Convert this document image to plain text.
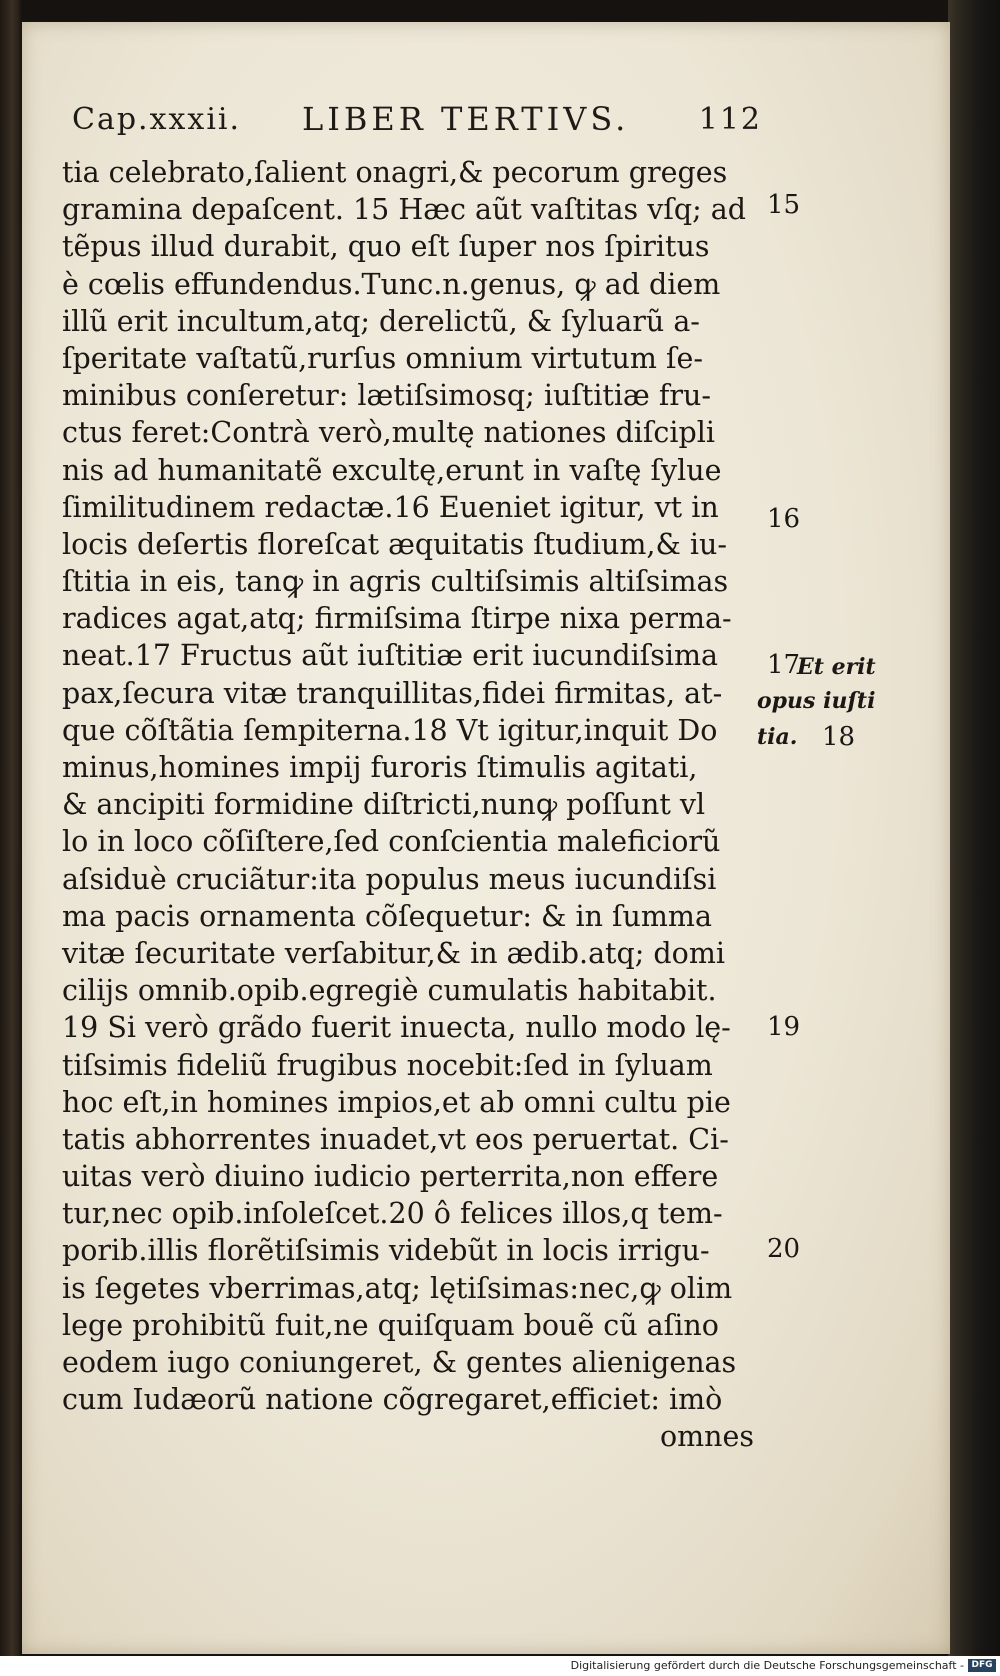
Cap.xxxii. LIBER TERTIVS. 112
tia celebrato,ſalient onagri,& pecorum greges
gramina depaſcent. 15 Hæc aũt vaſtitas vſq; ad
tẽpus illud durabit, quo eſt ſuper nos ſpiritus
è cœlis effundendus.Tunc.n.genus, ꝙ ad diem
illũ erit incultum,atq; derelictũ, & ſyluarũ a-
ſperitate vaſtatũ,rurſus omnium virtutum ſe-
minibus conſeretur: lætiſsimosq; iuſtitiæ fru-
ctus feret:Contrà verò,multę nationes diſcipli
nis ad humanitatẽ excultę,erunt in vaſtę ſylue
ſimilitudinem redactæ.16 Eueniet igitur, vt in
locis deſertis floreſcat æquitatis ſtudium,& iu-
ſtitia in eis, tanꝙ in agris cultiſsimis altiſsimas
radices agat,atq; firmiſsima ſtirpe nixa perma-
neat.17 Fructus aũt iuſtitiæ erit iucundiſsima
pax,ſecura vitæ tranquillitas,fidei firmitas, at-
que cõſtãtia ſempiterna.18 Vt igitur,inquit Do
minus,homines impij furoris ſtimulis agitati,
& ancipiti formidine diſtricti,nunꝙ poſſunt vl
lo in loco cõſiſtere,ſed conſcientia maleficiorũ
aſsiduè cruciãtur:ita populus meus iucundiſsi
ma pacis ornamenta cõſequetur: & in ſumma
vitæ ſecuritate verſabitur,& in ædib.atq; domi
cilijs omnib.opib.egregiè cumulatis habitabit.
19 Si verò grãdo fuerit inuecta, nullo modo lę-
tiſsimis fideliũ frugibus nocebit:ſed in ſyluam
hoc eſt,in homines impios,et ab omni cultu pie
tatis abhorrentes inuadet,vt eos peruertat. Ci-
uitas verò diuino iudicio perterrita,non effere
tur,nec opib.inſoleſcet.20 ô felices illos,q tem-
porib.illis florẽtiſsimis videbũt in locis irrigu-
is ſegetes vberrimas,atq; lętiſsimas:nec,ꝙ olim
lege prohibitũ fuit,ne quiſquam bouẽ cũ aſino
eodem iugo coniungeret, & gentes alienigenas
cum Iudæorũ natione cõgregaret,efficiet: imò
omnes
15
16
17
Et erit
opus iuſti
tia. 18
19
20
Digitalisierung gefördert durch die Deutsche Forschungsgemeinschaft - DFG
